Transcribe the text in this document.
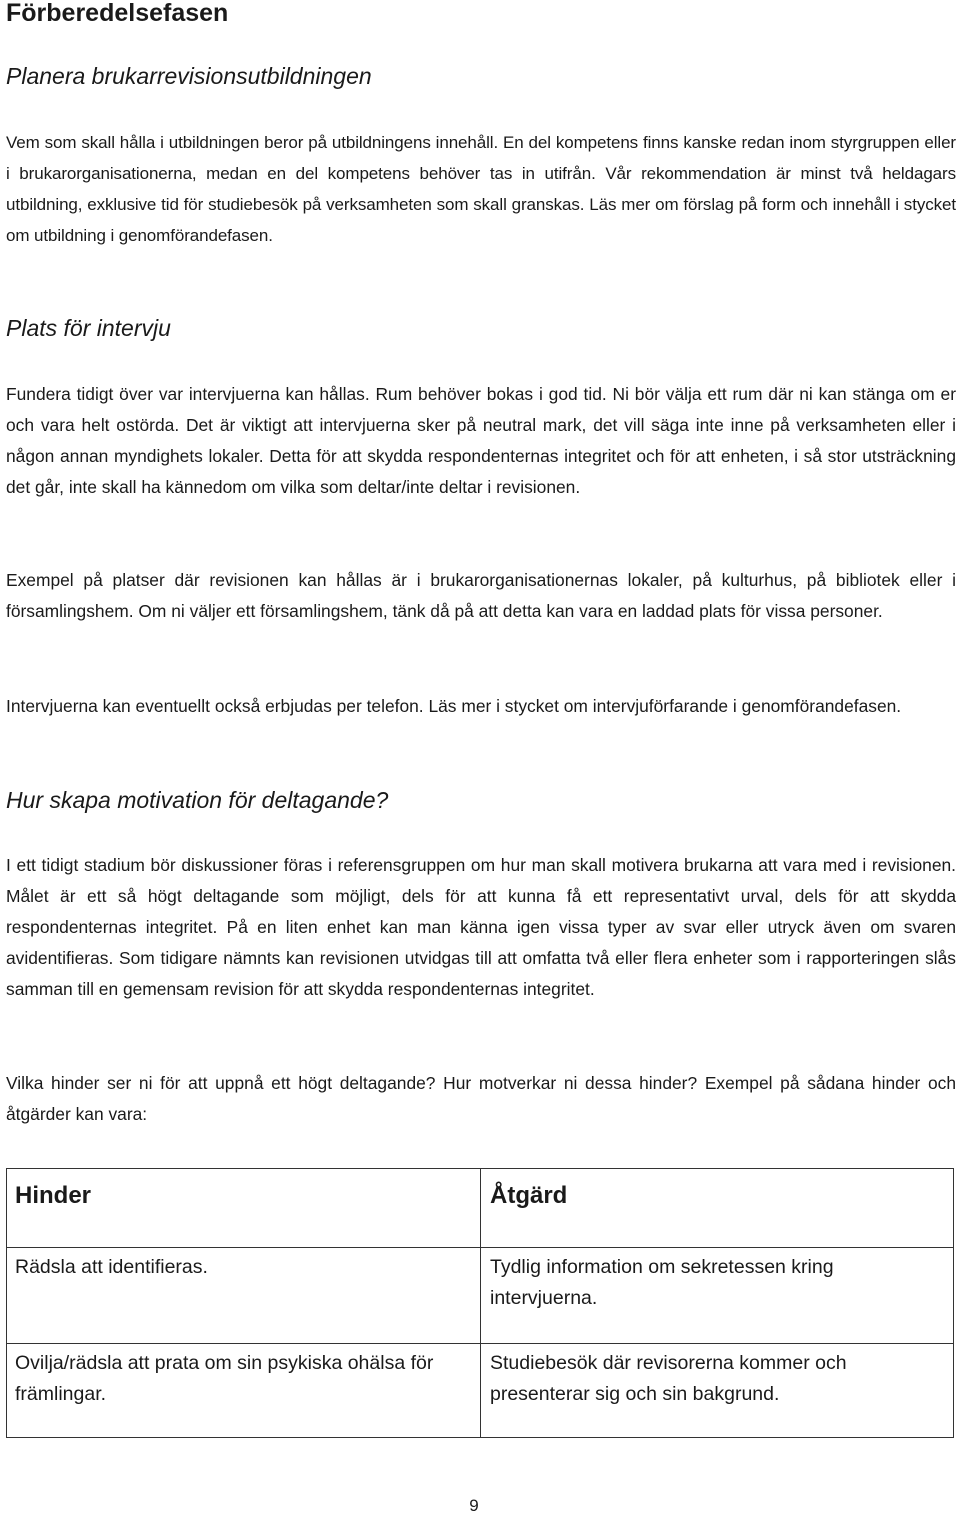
Förberedelsefasen
Planera brukarrevisionsutbildningen

Vem som skall hålla i utbildningen beror på utbildningens innehåll. En del kompetens finns kanske redan inom styrgruppen eller i brukarorganisationerna, medan en del kompetens behöver tas in utifrån. Vår rekommendation är minst två heldagars utbildning, exklusive tid för studiebesök på verksamheten som skall granskas. Läs mer om förslag på form och innehåll i stycket om utbildning i genomförandefasen.

Plats för intervju

Fundera tidigt över var intervjuerna kan hållas. Rum behöver bokas i god tid. Ni bör välja ett rum där ni kan stänga om er och vara helt ostörda. Det är viktigt att intervjuerna sker på neutral mark, det vill säga inte inne på verksamheten eller i någon annan myndighets lokaler. Detta för att skydda respondenternas integritet och för att enheten, i så stor utsträckning det går, inte skall ha kännedom om vilka som deltar/inte deltar i revisionen.

Exempel på platser där revisionen kan hållas är i brukarorganisationernas lokaler, på kulturhus, på bibliotek eller i församlingshem. Om ni väljer ett församlingshem, tänk då på att detta kan vara en laddad plats för vissa personer.

Intervjuerna kan eventuellt också erbjudas per telefon. Läs mer i stycket om intervjuförfarande i genomförandefasen.

Hur skapa motivation för deltagande?

I ett tidigt stadium bör diskussioner föras i referensgruppen om hur man skall motivera brukarna att vara med i revisionen. Målet är ett så högt deltagande som möjligt, dels för att kunna få ett representativt urval, dels för att skydda respondenternas integritet. På en liten enhet kan man känna igen vissa typer av svar eller utryck även om svaren avidentifieras. Som tidigare nämnts kan revisionen utvidgas till att omfatta två eller flera enheter som i rapporteringen slås samman till en gemensam revision för att skydda respondenternas integritet.

Vilka hinder ser ni för att uppnå ett högt deltagande? Hur motverkar ni dessa hinder? Exempel på sådana hinder och åtgärder kan vara:

Hinder	Åtgärd
Rädsla att identifieras.	Tydlig information om sekretessen kring intervjuerna.
Ovilja/rädsla att prata om sin psykiska ohälsa för främlingar.
Studiebesök där revisorerna kommer och presenterar sig och sin bakgrund.
9
